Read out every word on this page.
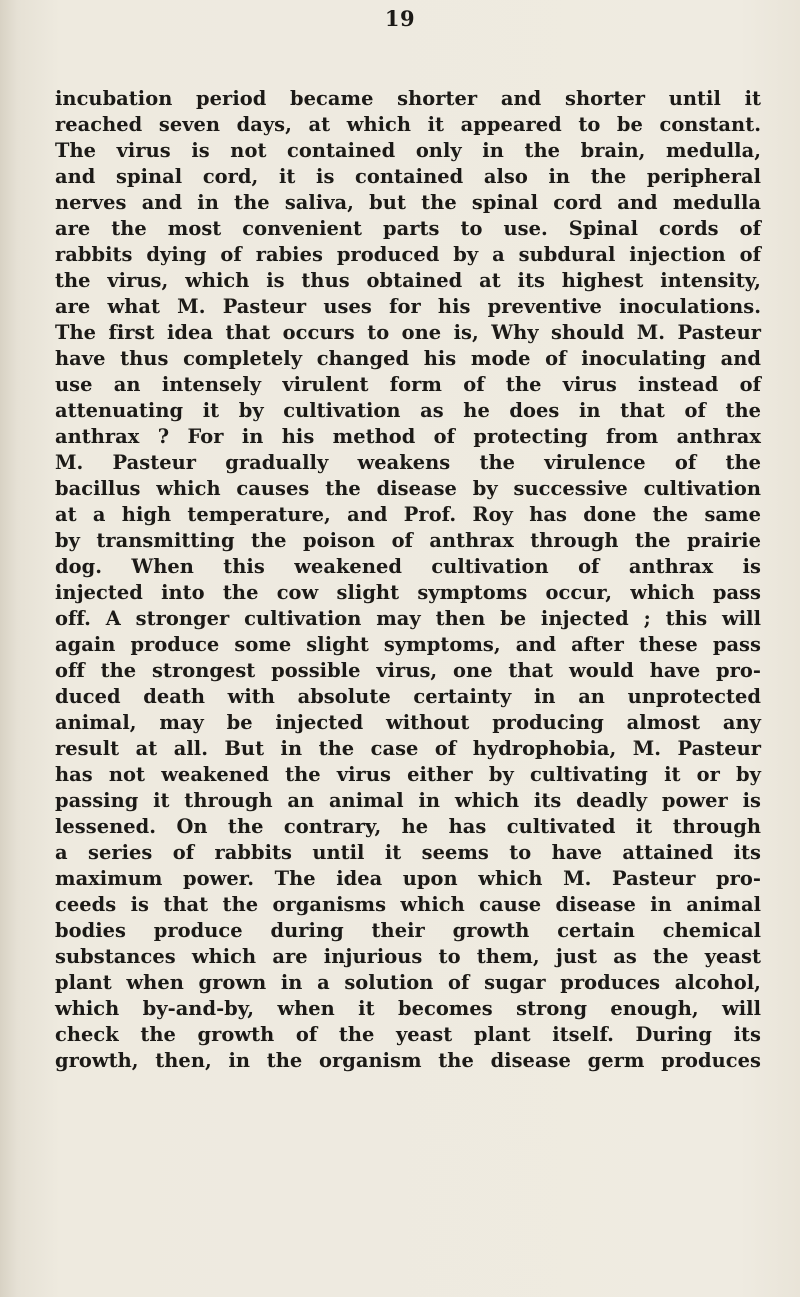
19
incubation period became shorter and shorter until it
reached seven days, at which it appeared to be constant.
The virus is not contained only in the brain, medulla,
and spinal cord, it is contained also in the peripheral
nerves and in the saliva, but the spinal cord and medulla
are the most convenient parts to use. Spinal cords of
rabbits dying of rabies produced by a subdural injection of
the virus, which is thus obtained at its highest intensity,
are what M. Pasteur uses for his preventive inoculations.
The first idea that occurs to one is, Why should M. Pasteur
have thus completely changed his mode of inoculating and
use an intensely virulent form of the virus instead of
attenuating it by cultivation as he does in that of the
anthrax ? For in his method of protecting from anthrax
M. Pasteur gradually weakens the virulence of the
bacillus which causes the disease by successive cultivation
at a high temperature, and Prof. Roy has done the same
by transmitting the poison of anthrax through the prairie
dog. When this weakened cultivation of anthrax is
injected into the cow slight symptoms occur, which pass
off. A stronger cultivation may then be injected ; this will
again produce some slight symptoms, and after these pass
off the strongest possible virus, one that would have pro-
duced death with absolute certainty in an unprotected
animal, may be injected without producing almost any
result at all. But in the case of hydrophobia, M. Pasteur
has not weakened the virus either by cultivating it or by
passing it through an animal in which its deadly power is
lessened. On the contrary, he has cultivated it through
a series of rabbits until it seems to have attained its
maximum power. The idea upon which M. Pasteur pro-
ceeds is that the organisms which cause disease in animal
bodies produce during their growth certain chemical
substances which are injurious to them, just as the yeast
plant when grown in a solution of sugar produces alcohol,
which by-and-by, when it becomes strong enough, will
check the growth of the yeast plant itself. During its
growth, then, in the organism the disease germ produces
